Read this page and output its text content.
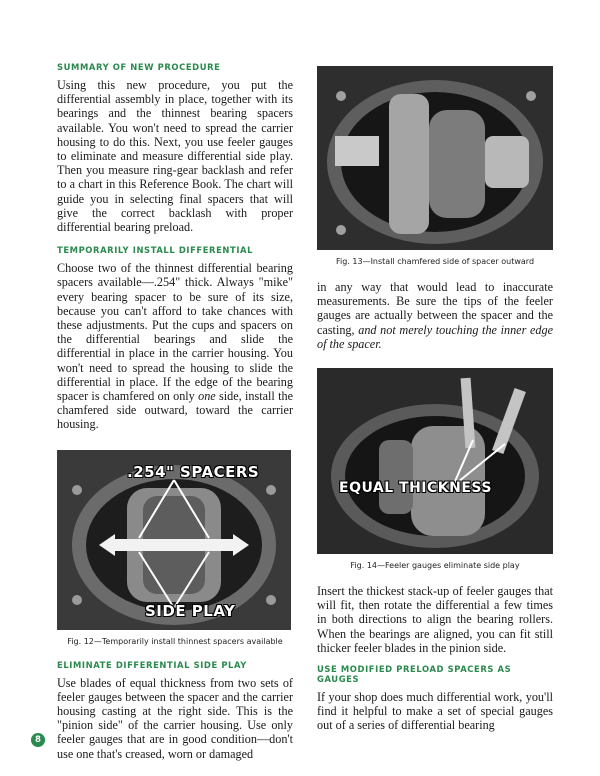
SUMMARY OF NEW PROCEDURE

Using this new procedure, you put the differential assembly in place, together with its bearings and the thinnest bearing spacers available. You won't need to spread the carrier housing to do this. Next, you use feeler gauges to eliminate and measure differential side play. Then you measure ring-gear backlash and refer to a chart in this Reference Book. The chart will guide you in selecting final spacers that will give the correct backlash with proper differential bearing preload.

TEMPORARILY INSTALL DIFFERENTIAL

Choose two of the thinnest differential bearing spacers available—.254" thick. Always "mike" every bearing spacer to be sure of its size, because you can't afford to take chances with these adjustments. Put the cups and spacers on the differential bearings and slide the differential in place in the carrier housing. You won't need to spread the housing to slide the differential in place. If the edge of the bearing spacer is chamfered on only one side, install the chamfered side outward, toward the carrier housing.

.254" SPACERS
SIDE PLAY

Fig. 12—Temporarily install thinnest spacers available

ELIMINATE DIFFERENTIAL SIDE PLAY

Use blades of equal thickness from two sets of feeler gauges between the spacer and the carrier housing casting at the right side. This is the "pinion side" of the carrier housing. Use only feeler gauges that are in good condition—don't use one that's creased, worn or damaged

Fig. 13—Install chamfered side of spacer outward

in any way that would lead to inaccurate measurements. Be sure the tips of the feeler gauges are actually between the spacer and the casting, and not merely touching the inner edge of the spacer.

EQUAL THICKNESS

Fig. 14—Feeler gauges eliminate side play

Insert the thickest stack-up of feeler gauges that will fit, then rotate the differential a few times in both directions to align the bearing rollers. When the bearings are aligned, you can fit still thicker feeler blades in the pinion side.

USE MODIFIED PRELOAD SPACERS AS GAUGES

If your shop does much differential work, you'll find it helpful to make a set of special gauges out of a series of differential bearing

8
